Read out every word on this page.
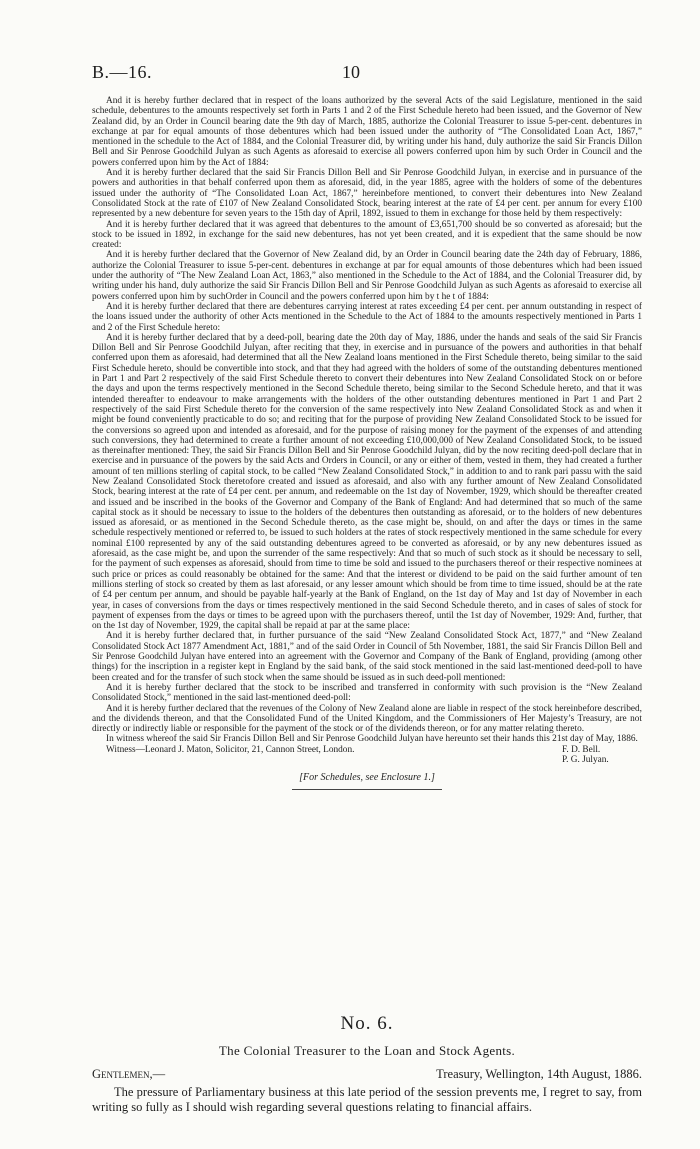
B.—16.	10

And it is hereby further declared that in respect of the loans authorized by the several Acts of the said Legislature, mentioned in the said schedule, debentures to the amounts respectively set forth in Parts 1 and 2 of the First Schedule hereto had been issued, and the Governor of New Zealand did, by an Order in Council bearing date the 9th day of March, 1885, authorize the Colonial Treasurer to issue 5-per-cent. debentures in exchange at par for equal amounts of those debentures which had been issued under the authority of “The Consolidated Loan Act, 1867,” mentioned in the schedule to the Act of 1884, and the Colonial Treasurer did, by writing under his hand, duly authorize the said Sir Francis Dillon Bell and Sir Penrose Goodchild Julyan as such Agents as aforesaid to exercise all powers conferred upon him by such Order in Council and the powers conferred upon him by the Act of 1884:

And it is hereby further declared that the said Sir Francis Dillon Bell and Sir Penrose Goodchild Julyan, in exercise and in pursuance of the powers and authorities in that behalf conferred upon them as aforesaid, did, in the year 1885, agree with the holders of some of the debentures issued under the authority of “The Consolidated Loan Act, 1867,” hereinbefore mentioned, to convert their debentures into New Zealand Consolidated Stock at the rate of £107 of New Zealand Consolidated Stock, bearing interest at the rate of £4 per cent. per annum for every £100 represented by a new debenture for seven years to the 15th day of April, 1892, issued to them in exchange for those held by them respectively:

And it is hereby further declared that it was agreed that debentures to the amount of £3,651,700 should be so converted as aforesaid; but the stock to be issued in 1892, in exchange for the said new debentures, has not yet been created, and it is expedient that the same should be now created:

And it is hereby further declared that the Governor of New Zealand did, by an Order in Council bearing date the 24th day of February, 1886, authorize the Colonial Treasurer to issue 5-per-cent. debentures in exchange at par for equal amounts of those debentures which had been issued under the authority of “The New Zealand Loan Act, 1863,” also mentioned in the Schedule to the Act of 1884, and the Colonial Treasurer did, by writing under his hand, duly authorize the said Sir Francis Dillon Bell and Sir Penrose Goodchild Julyan as such Agents as aforesaid to exercise all powers conferred upon him by suchOrder in Council and the powers conferred upon him by t he t of 1884:

And it is hereby further declared that there are debentures carrying interest at rates exceeding £4 per cent. per annum outstanding in respect of the loans issued under the authority of other Acts mentioned in the Schedule to the Act of 1884 to the amounts respectively mentioned in Parts 1 and 2 of the First Schedule hereto:

And it is hereby further declared that by a deed-poll, bearing date the 20th day of May, 1886, under the hands and seals of the said Sir Francis Dillon Bell and Sir Penrose Goodchild Julyan, after reciting that they, in exercise and in pursuance of the powers and authorities in that behalf conferred upon them as aforesaid, had determined that all the New Zealand loans mentioned in the First Schedule thereto, being similar to the said First Schedule hereto, should be convertible into stock, and that they had agreed with the holders of some of the outstanding debentures mentioned in Part 1 and Part 2 respectively of the said First Schedule thereto to convert their debentures into New Zealand Consolidated Stock on or before the days and upon the terms respectively mentioned in the Second Schedule thereto, being similar to the Second Schedule hereto, and that it was intended thereafter to endeavour to make arrangements with the holders of the other outstanding debentures mentioned in Part 1 and Part 2 respectively of the said First Schedule thereto for the conversion of the same respectively into New Zealand Consolidated Stock as and when it might be found conveniently practicable to do so; and reciting that for the purpose of providing New Zealand Consolidated Stock to be issued for the conversions so agreed upon and intended as aforesaid, and for the purpose of raising money for the payment of the expenses of and attending such conversions, they had determined to create a further amount of not exceeding £10,000,000 of New Zealand Consolidated Stock, to be issued as thereinafter mentioned: They, the said Sir Francis Dillon Bell and Sir Penrose Goodchild Julyan, did by the now reciting deed-poll declare that in exercise and in pursuance of the powers by the said Acts and Orders in Council, or any or either of them, vested in them, they had created a further amount of ten millions sterling of capital stock, to be called “New Zealand Consolidated Stock,” in addition to and to rank pari passu with the said New Zealand Consolidated Stock theretofore created and issued as aforesaid, and also with any further amount of New Zealand Consolidated Stock, bearing interest at the rate of £4 per cent. per annum, and redeemable on the 1st day of November, 1929, which should be thereafter created and issued and be inscribed in the books of the Governor and Company of the Bank of England: And had determined that so much of the same capital stock as it should be necessary to issue to the holders of the debentures then outstanding as aforesaid, or to the holders of new debentures issued as aforesaid, or as mentioned in the Second Schedule thereto, as the case might be, should, on and after the days or times in the same schedule respectively mentioned or referred to, be issued to such holders at the rates of stock respectively mentioned in the same schedule for every nominal £100 represented by any of the said outstanding debentures agreed to be converted as aforesaid, or by any new debentures issued as aforesaid, as the case might be, and upon the surrender of the same respectively: And that so much of such stock as it should be necessary to sell, for the payment of such expenses as aforesaid, should from time to time be sold and issued to the purchasers thereof or their respective nominees at such price or prices as could reasonably be obtained for the same: And that the interest or dividend to be paid on the said further amount of ten millions sterling of stock so created by them as last aforesaid, or any lesser amount which should be from time to time issued, should be at the rate of £4 per centum per annum, and should be payable half-yearly at the Bank of England, on the 1st day of May and 1st day of November in each year, in cases of conversions from the days or times respectively mentioned in the said Second Schedule thereto, and in cases of sales of stock for payment of expenses from the days or times to be agreed upon with the purchasers thereof, until the 1st day of November, 1929: And, further, that on the 1st day of November, 1929, the capital shall be repaid at par at the same place:

And it is hereby further declared that, in further pursuance of the said “New Zealand Consolidated Stock Act, 1877,” and “New Zealand Consolidated Stock Act 1877 Amendment Act, 1881,” and of the said Order in Council of 5th November, 1881, the said Sir Francis Dillon Bell and Sir Penrose Goodchild Julyan have entered into an agreement with the Governor and Company of the Bank of England, providing (among other things) for the inscription in a register kept in England by the said bank, of the said stock mentioned in the said last-mentioned deed-poll to have been created and for the transfer of such stock when the same should be issued as in such deed-poll mentioned:

And it is hereby further declared that the stock to be inscribed and transferred in conformity with such provision is the “New Zealand Consolidated Stock,” mentioned in the said last-mentioned deed-poll:

And it is hereby further declared that the revenues of the Colony of New Zealand alone are liable in respect of the stock hereinbefore described, and the dividends thereon, and that the Consolidated Fund of the United Kingdom, and the Commissioners of Her Majesty’s Treasury, are not directly or indirectly liable or responsible for the payment of the stock or of the dividends thereon, or for any matter relating thereto.

In witness whereof the said Sir Francis Dillon Bell and Sir Penrose Goodchild Julyan have hereunto set their hands this 21st day of May, 1886.

Witness—Leonard J. Maton, Solicitor, 21, Cannon Street, London.	F. D. Bell.
P. G. Julyan.
[For Schedules, see Enclosure 1.]
No. 6.
The Colonial Treasurer to the Loan and Stock Agents.
Gentlemen,—	Treasury, Wellington, 14th August, 1886.
The pressure of Parliamentary business at this late period of the session prevents me, I regret to say, from writing so fully as I should wish regarding several questions relating to financial affairs.
